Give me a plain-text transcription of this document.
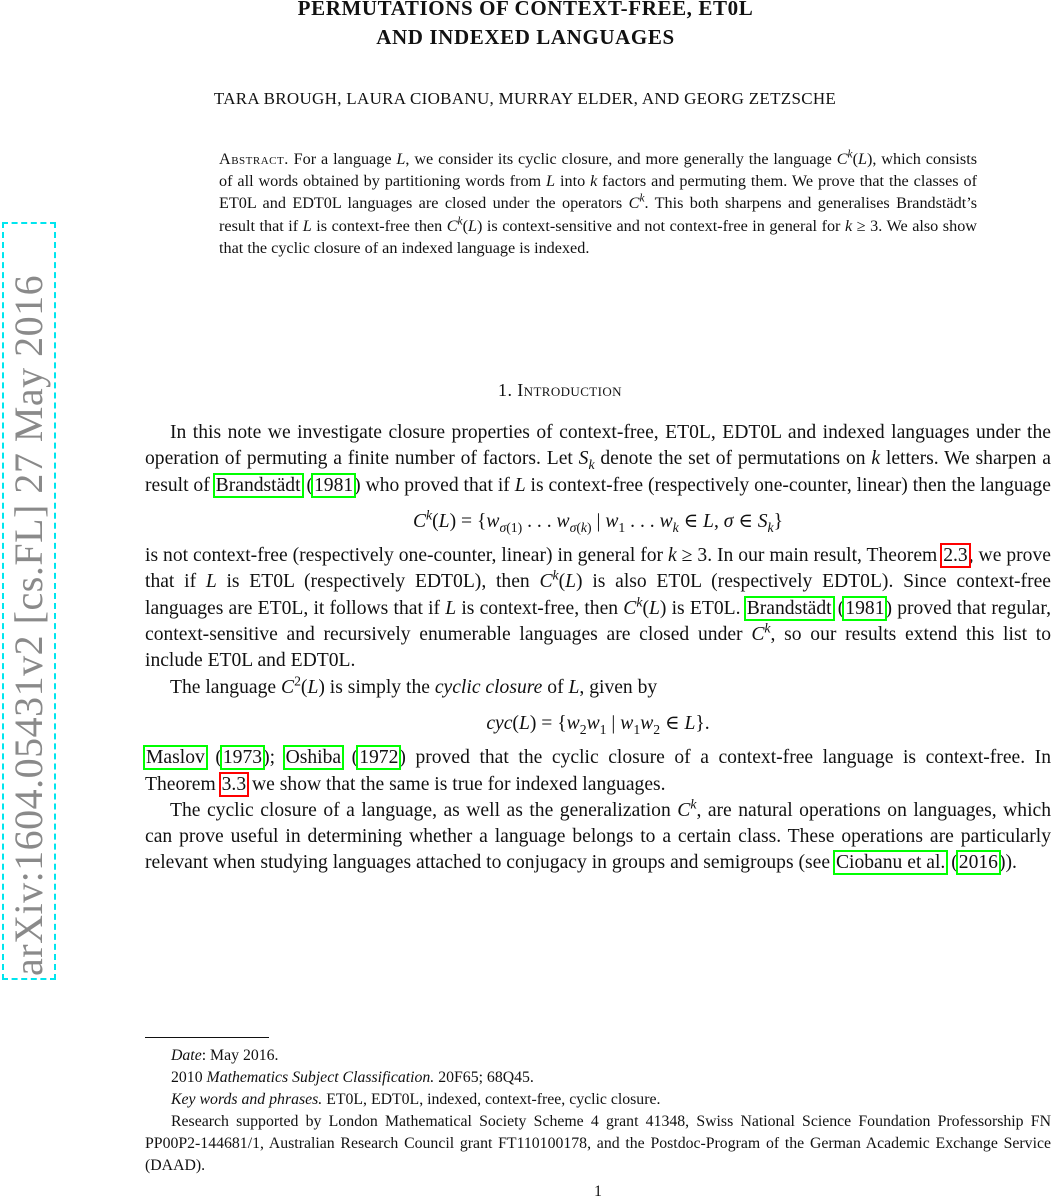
PERMUTATIONS OF CONTEXT-FREE, ET0L
AND INDEXED LANGUAGES
TARA BROUGH, LAURA CIOBANU, MURRAY ELDER, AND GEORG ZETZSCHE
Abstract. For a language L, we consider its cyclic closure, and more generally the language $C^k(L)$, which consists of all words obtained by partitioning words from L into k factors and permuting them. We prove that the classes of ET0L and EDT0L languages are closed under the operators $C^k$. This both sharpens and generalises Brandstädt’s result that if L is context-free then $C^k(L)$ is context-sensitive and not context-free in general for k ≥ 3. We also show that the cyclic closure of an indexed language is indexed.
1. Introduction

In this note we investigate closure properties of context-free, ET0L, EDT0L and indexed languages under the operation of permuting a finite number of factors. Let $S_k$ denote the set of permutations on k letters. We sharpen a result of Brandstädt (1981) who proved that if L is context-free (respectively one-counter, linear) then the language

$C^k(L) = \{w_{\sigma(1)}$ . . . $w_{\sigma(k)}$ | $w_1$ . . . $w_k$ ∈ L, σ ∈ $S_k$}

is not context-free (respectively one-counter, linear) in general for k ≥ 3. In our main result, Theorem 2.3, we prove that if L is ET0L (respectively EDT0L), then $C^k(L)$ is also ET0L (respectively EDT0L). Since context-free languages are ET0L, it follows that if L is context-free, then $C^k(L)$ is ET0L. Brandstädt (1981) proved that regular, context-sensitive and recursively enumerable languages are closed under $C^k$, so our results extend this list to include ET0L and EDT0L.

The language $C^2(L)$ is simply the cyclic closure of L, given by

$cyc(L) = \{w_2w_1$ | $w_1w_2$ ∈ L}.

Maslov (1973); Oshiba (1972) proved that the cyclic closure of a context-free language is context-free. In Theorem 3.3 we show that the same is true for indexed languages.

The cyclic closure of a language, as well as the generalization $C^k$, are natural operations on languages, which can prove useful in determining whether a language belongs to a certain class. These operations are particularly relevant when studying languages attached to conjugacy in groups and semigroups (see Ciobanu et al. (2016)).

Date: May 2016.

2010 Mathematics Subject Classification. 20F65; 68Q45.

Key words and phrases. ET0L, EDT0L, indexed, context-free, cyclic closure.

Research supported by London Mathematical Society Scheme 4 grant 41348, Swiss National Science Foundation Professorship FN PP00P2-144681/1, Australian Research Council grant FT110100178, and the Postdoc-Program of the German Academic Exchange Service (DAAD).

1
arXiv:1604.05431v2 [cs.FL] 27 May 2016
